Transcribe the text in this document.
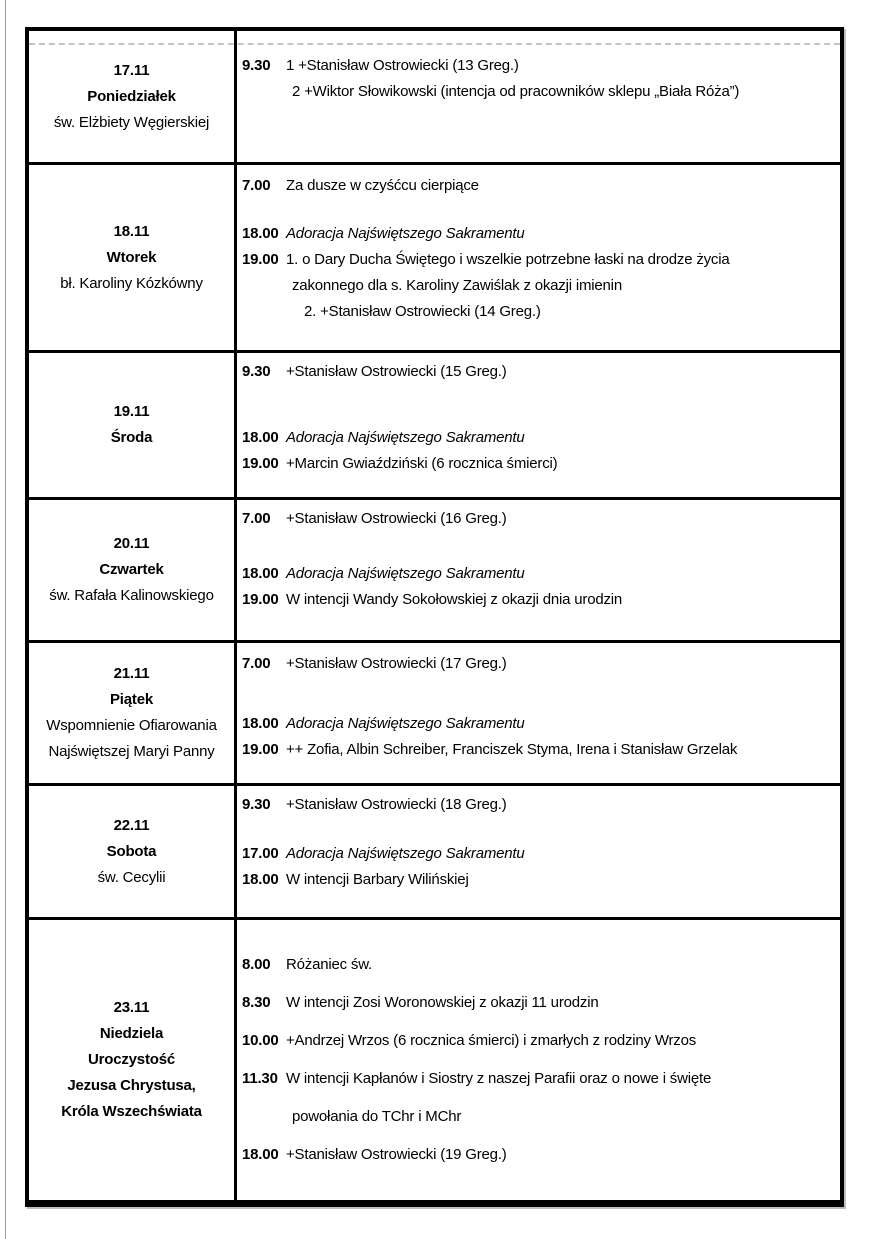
17.11
Poniedziałek
św. Elżbiety Węgierskiej
9.30 1 +Stanisław Ostrowiecki (13 Greg.)
2 +Wiktor Słowikowski (intencja od pracowników sklepu „Biała Róża”)
18.11
Wtorek
bł. Karoliny Kózkówny
7.00 Za dusze w czyśćcu cierpiące
18.00 Adoracja Najświętszego Sakramentu
19.00 1. o Dary Ducha Świętego i wszelkie potrzebne łaski na drodze życia
zakonnego dla s. Karoliny Zawiślak z okazji imienin
2. +Stanisław Ostrowiecki (14 Greg.)
19.11
Środa
9.30 +Stanisław Ostrowiecki (15 Greg.)
18.00 Adoracja Najświętszego Sakramentu
19.00 +Marcin Gwiaździński (6 rocznica śmierci)
20.11
Czwartek
św. Rafała Kalinowskiego
7.00 +Stanisław Ostrowiecki (16 Greg.)
18.00 Adoracja Najświętszego Sakramentu
19.00 W intencji Wandy Sokołowskiej z okazji dnia urodzin
21.11
Piątek
Wspomnienie Ofiarowania
Najświętszej Maryi Panny
7.00 +Stanisław Ostrowiecki (17 Greg.)
18.00 Adoracja Najświętszego Sakramentu
19.00 ++ Zofia, Albin Schreiber, Franciszek Styma, Irena i Stanisław Grzelak
22.11
Sobota
św. Cecylii
9.30 +Stanisław Ostrowiecki (18 Greg.)
17.00 Adoracja Najświętszego Sakramentu
18.00 W intencji Barbary Wilińskiej
23.11
Niedziela
Uroczystość
Jezusa Chrystusa,
Króla Wszechświata
8.00 Różaniec św.
8.30 W intencji Zosi Woronowskiej z okazji 11 urodzin
10.00 +Andrzej Wrzos (6 rocznica śmierci) i zmarłych z rodziny Wrzos
11.30 W intencji Kapłanów i Siostry z naszej Parafii oraz o nowe i święte
powołania do TChr i MChr
18.00 +Stanisław Ostrowiecki (19 Greg.)
